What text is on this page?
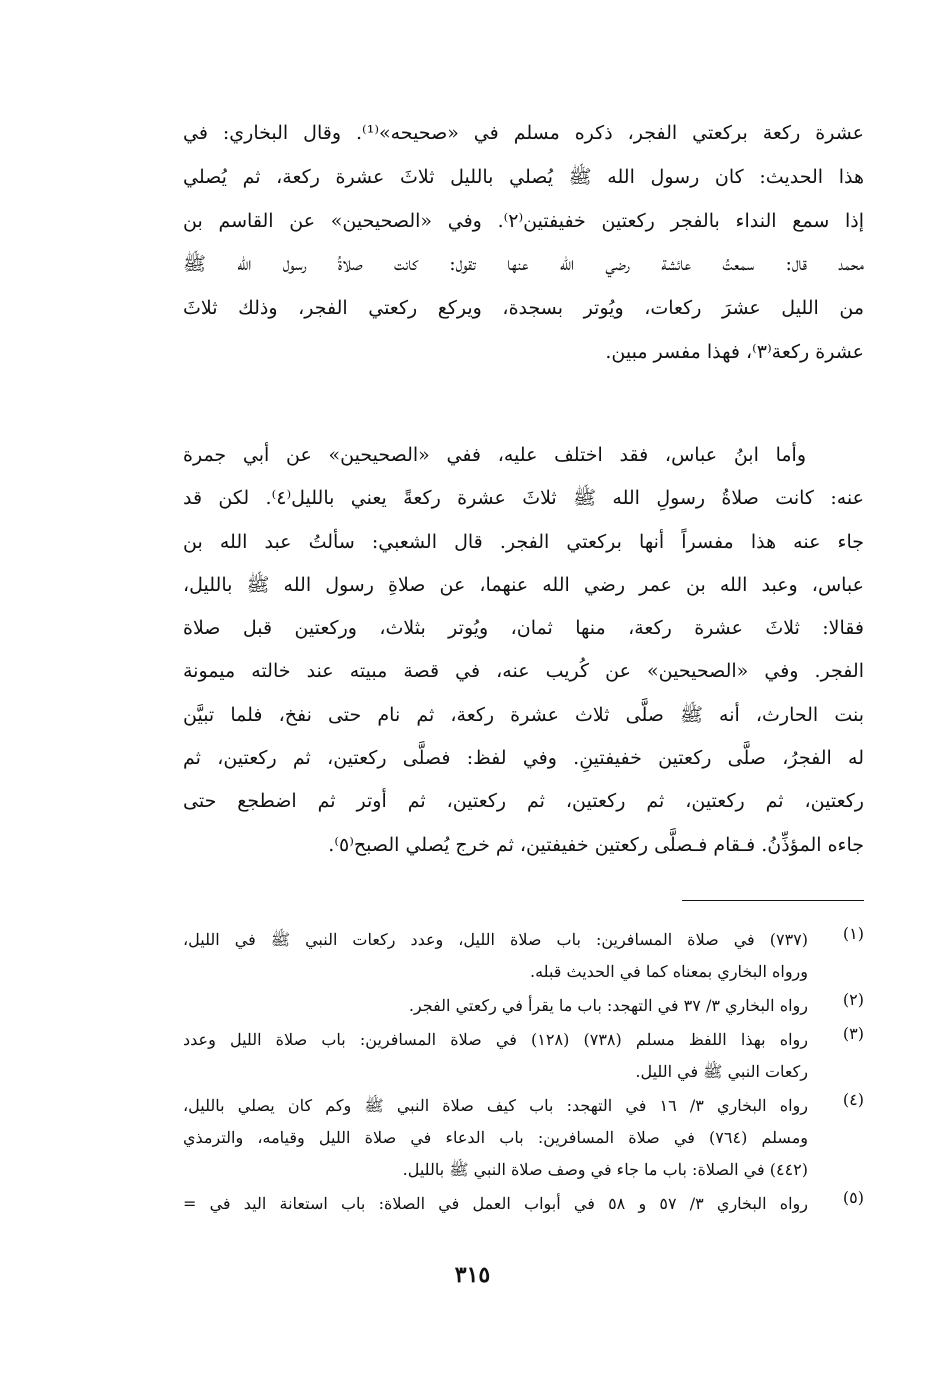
عشرة ركعة بركعتي الفجر، ذكره مسلم في «صحيحه»⁽¹⁾. وقال البخاري: في
هذا الحديث: كان رسول الله ﷺ يُصلي بالليل ثلاثَ عشرة ركعة، ثم يُصلي
إذا سمع النداء بالفجر ركعتين خفيفتين⁽٢⁾. وفي «الصحيحين» عن القاسم بن
محمد قال: سمعتُ عائشة رضي الله عنها تقول: كانت صلاةُ رسول الله ﷺ
من الليل عشرَ ركعات، ويُوتر بسجدة، ويركع ركعتي الفجر، وذلك ثلاثَ
عشرة ركعة⁽٣⁾، فهذا مفسر مبين.
وأما ابنُ عباس، فقد اختلف عليه، ففي «الصحيحين» عن أبي جمرة
عنه: كانت صلاةُ رسولِ الله ﷺ ثلاثَ عشرة ركعةً يعني بالليل⁽٤⁾. لكن قد
جاء عنه هذا مفسراً أنها بركعتي الفجر. قال الشعبي: سألتُ عبد الله بن
عباس، وعبد الله بن عمر رضي الله عنهما، عن صلاةِ رسول الله ﷺ بالليل،
فقالا: ثلاثَ عشرة ركعة، منها ثمان، ويُوتر بثلاث، وركعتين قبل صلاة
الفجر. وفي «الصحيحين» عن كُريب عنه، في قصة مبيته عند خالته ميمونة
بنت الحارث، أنه ﷺ صلَّى ثلاث عشرة ركعة، ثم نام حتى نفخ، فلما تبيَّن
له الفجرُ، صلَّى ركعتين خفيفتينِ. وفي لفظ: فصلَّى ركعتين، ثم ركعتين، ثم
ركعتين، ثم ركعتين، ثم ركعتين، ثم ركعتين، ثم أوتر ثم اضطجع حتى
جاءه المؤذِّنُ. فـقام فـصلَّى ركعتين خفيفتين، ثم خرج يُصلي الصبح⁽٥⁾.
(١)
(٧٣٧) في صلاة المسافرين: باب صلاة الليل، وعدد ركعات النبي ﷺ في الليل،
ورواه البخاري بمعناه كما في الحديث قبله.
(٢)
رواه البخاري ٣/ ٣٧ في التهجد: باب ما يقرأ في ركعتي الفجر.
(٣)
رواه بهذا اللفظ مسلم (٧٣٨) (١٢٨) في صلاة المسافرين: باب صلاة الليل وعدد
ركعات النبي ﷺ في الليل.
(٤)
رواه البخاري ٣/ ١٦ في التهجد: باب كيف صلاة النبي ﷺ وكم كان يصلي بالليل،
ومسلم (٧٦٤) في صلاة المسافرين: باب الدعاء في صلاة الليل وقيامه، والترمذي
(٤٤٢) في الصلاة: باب ما جاء في وصف صلاة النبي ﷺ بالليل.
(٥)
رواه البخاري ٣/ ٥٧ و ٥٨ في أبواب العمل في الصلاة: باب استعانة اليد في =
٣١٥
